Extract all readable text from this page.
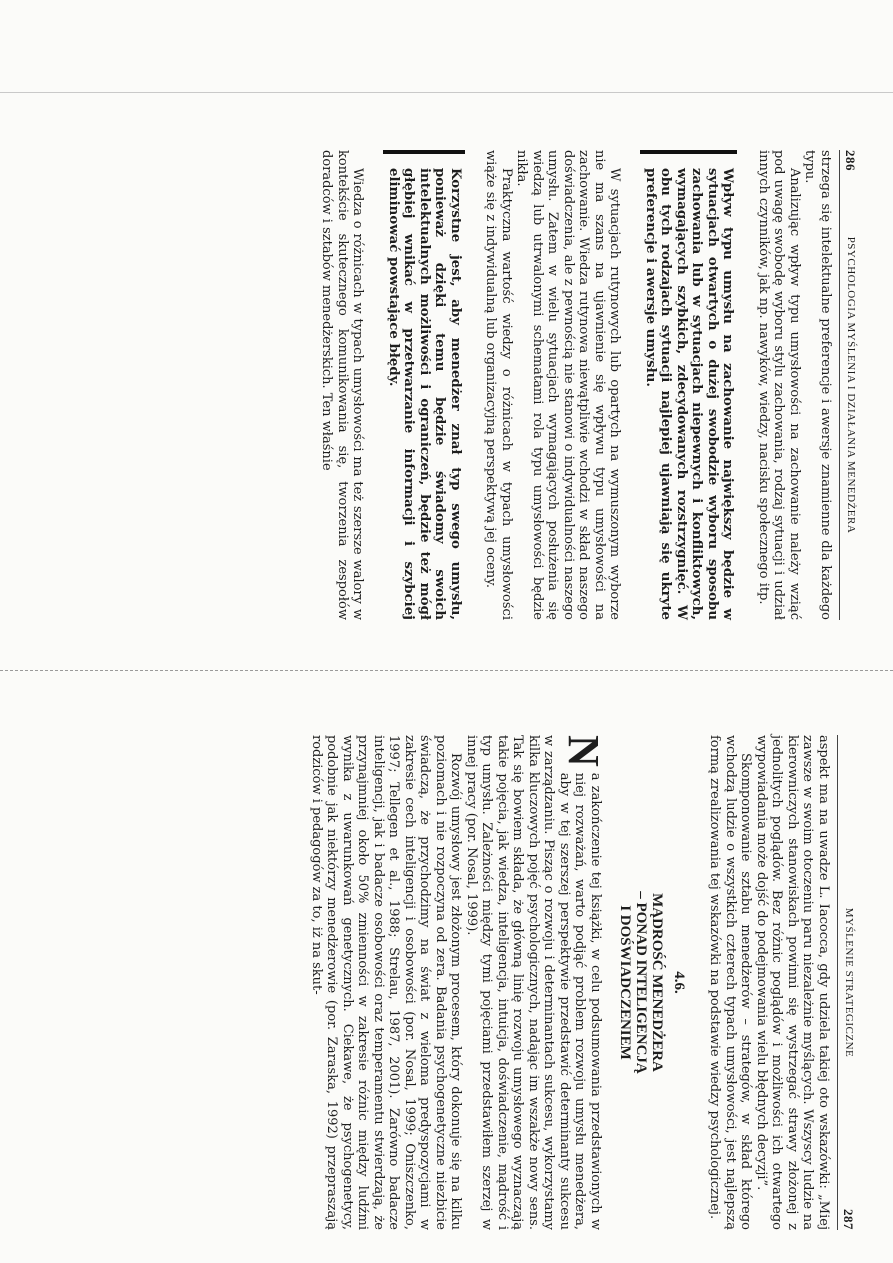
286
PSYCHOLOGIA MYŚLENIA I DZIAŁANIA MENEDŻERA

strzega się intelektualne preferencje i awersje znamienne dla każdego typu.

Analizując wpływ typu umysłowości na zachowanie należy wziąć pod uwagę swobodę wyboru stylu zachowania, rodzaj sytuacji i udział innych czynników, jak np. nawyków, wiedzy, nacisku społecznego itp.

Wpływ typu umysłu na zachowanie największy będzie w sytuacjach otwartych o dużej swobodzie wyboru sposobu zachowania lub w sytuacjach niepewnych i konfliktowych, wymagających szybkich, zdecydowanych rozstrzygnięć. W obu tych rodzajach sytuacji najlepiej ujawniają się ukryte preferencje i awersje umysłu.

W sytuacjach rutynowych lub opartych na wymuszonym wyborze nie ma szans na ujawnienie się wpływu typu umysłowości na zachowanie. Wiedza rutynowa niewątpliwie wchodzi w skład naszego doświadczenia, ale z pewnością nie stanowi o indywidualności naszego umysłu. Zatem w wielu sytuacjach wymagających posłużenia się wiedzą lub utrwalonymi schematami rola typu umysłowości będzie nikła.

Praktyczna wartość wiedzy o różnicach w typach umysłowości wiąże się z indywidualną lub organizacyjną perspektywą jej oceny.

Korzystne jest, aby menedżer znał typ swego umysłu, ponieważ dzięki temu będzie świadomy swoich intelektualnych możliwości i ograniczeń, będzie też mógł głębiej wnikać w przetwarzanie informacji i szybciej eliminować powstające błędy.

Wiedza o różnicach w typach umysłowości ma też szersze walory w kontekście skutecznego komunikowania się, tworzenia zespołów doradców i sztabów menedżerskich. Ten właśnie

MYŚLENIE STRATEGICZNE
287

aspekt ma na uwadze L. Iacocca, gdy udziela takiej oto wskazówki: „Miej zawsze w swoim otoczeniu paru niezależnie myślących. Wszyscy ludzie na kierowniczych stanowiskach powinni się wystrzegać strawy złożonej z jednolitych poglądów. Bez różnic poglądów i możliwości ich otwartego wypowiadania może dojść do podejmowania wielu błędnych decyzji”.

Skomponowanie sztabu menedżerów – strategów, w skład którego wchodzą ludzie o wszystkich czterech typach umysłowości, jest najlepszą formą zrealizowania tej wskazówki na podstawie wiedzy psychologicznej.

4.6.
MĄDROŚĆ MENEDŻERA
– PONAD INTELIGENCJĄ
I DOŚWIADCZENIEM

N
a zakończenie tej książki, w celu podsumowania przedstawionych w niej rozważań, warto podjąć problem rozwoju umysłu menedżera, aby w tej szerszej perspektywie przedstawić determinanty sukcesu w zarządzaniu. Pisząc o rozwoju i determinantach sukcesu, wykorzystamy kilka kluczowych pojęć psychologicznych, nadając im wszakże nowy sens. Tak się bowiem składa, że główną linię rozwoju umysłowego wyznaczają takie pojęcia, jak wiedza, inteligencja, intuicja, doświadczenie, mądrość i typ umysłu. Zależności między tymi pojęciami przedstawiłem szerzej w innej pracy (por. Nosal, 1999).

Rozwój umysłowy jest złożonym procesem, który dokonuje się na kilku poziomach i nie rozpoczyna od zera. Badania psychogenetyczne niezbicie świadczą, że przychodzimy na świat z wieloma predyspozycjami w zakresie cech inteligencji i osobowości (por. Nosal, 1999; Oniszczenko, 1997; Tellegen et al., 1988; Strelau, 1987, 2001). Zarówno badacze inteligencji, jak i badacze osobowości oraz temperamentu stwierdzają, że przynajmniej około 50% zmienności w zakresie różnic między ludźmi wynika z uwarunkowań genetycznych. Ciekawe, że psychogenetycy, podobnie jak niektórzy menedżerowie (por. Zaraska, 1992) przepraszają rodziców i pedagogów za to, iż na skut-
